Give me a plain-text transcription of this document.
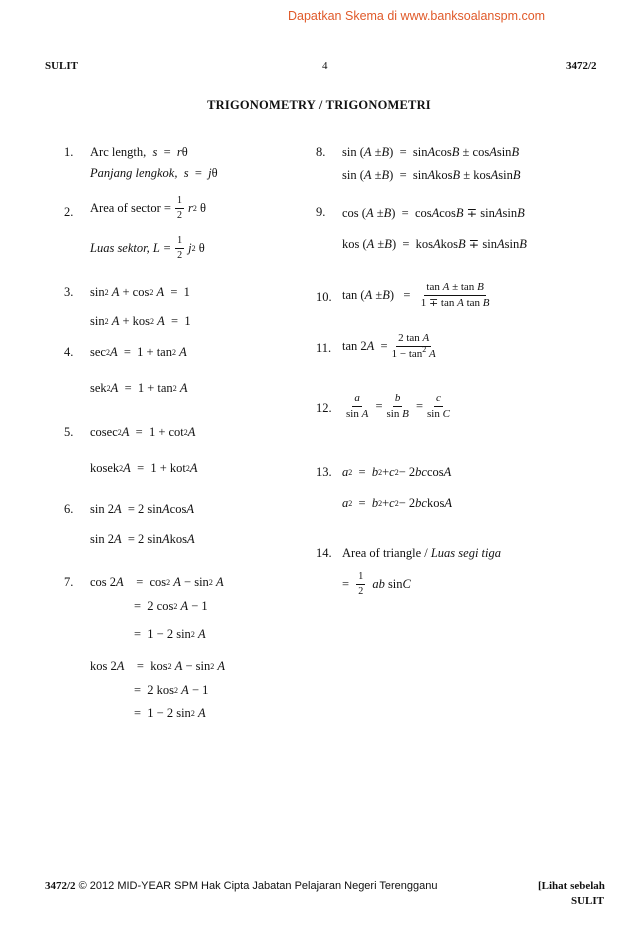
Dapatkan Skema di www.banksoalanspm.com
SULIT	4	3472/2
TRIGONOMETRY / TRIGONOMETRI
1.
2.
3.
4.
5.
6.
7.
8.
9.
10.
11.
12.
13.
14.
Arc length,
s = r θ
Panjang lengkok,
s = j θ
Area of sector = $\frac{1}{2}$ r 2 θ
Luas sektor, $L = \frac{1}{2}$ j 2 θ
sin 2
A + cos 2
A =  1
sin 2
A + kos 2
A =  1
sec 2 A =  1 + tan 2
A
sek 2 A =  1 + tan 2
A
cosec 2 A =  1 + cot 2 A
kosek 2 A =  1 + kot 2 A
sin 2 A = 2 sin A cos A
sin 2 A = 2 sin A kos A
cos 2 A =  cos 2
A − sin 2
A
=  2 cos 2
A − 1
=  1 − 2 sin 2
A
kos 2 A =  kos 2
A − sin 2
A
=  2 kos 2
A − 1
=  1 − 2 sin 2
A
sin ( A ± B )  =  sin A cos B ± cos A sin B
sin ( A ± B )  =  sin A kos B ± kos A sin B
cos ( A ± B )  =  cos A cos B ∓ sin A sin B
kos ( A ± B )  =  kos A kos B ∓ sin A sin B
tan ( A ± B )   = $\frac{\text{tan A ± tan B}}{\text{1 ∓ tan A tan B}}$
tan 2 $A = \frac{\text{2 tan A}}{1 - \tan^2 A}$
$\frac{a}{\text{sin A}} = \frac{b}{\text{sin B}} = \frac{c}{\text{sin C}}$
a 2 = b 2 + c 2 − 2 bc cos A
a 2 = b 2 + c 2 − 2 bc kos A
Area of triangle /
Luas segi tiga
= $\frac{1}{2}$
ab sin C
3472/2 © 2012 MID-YEAR SPM Hak Cipta Jabatan Pelajaran Negeri Terengganu	[Lihat sebelah
SULIT
